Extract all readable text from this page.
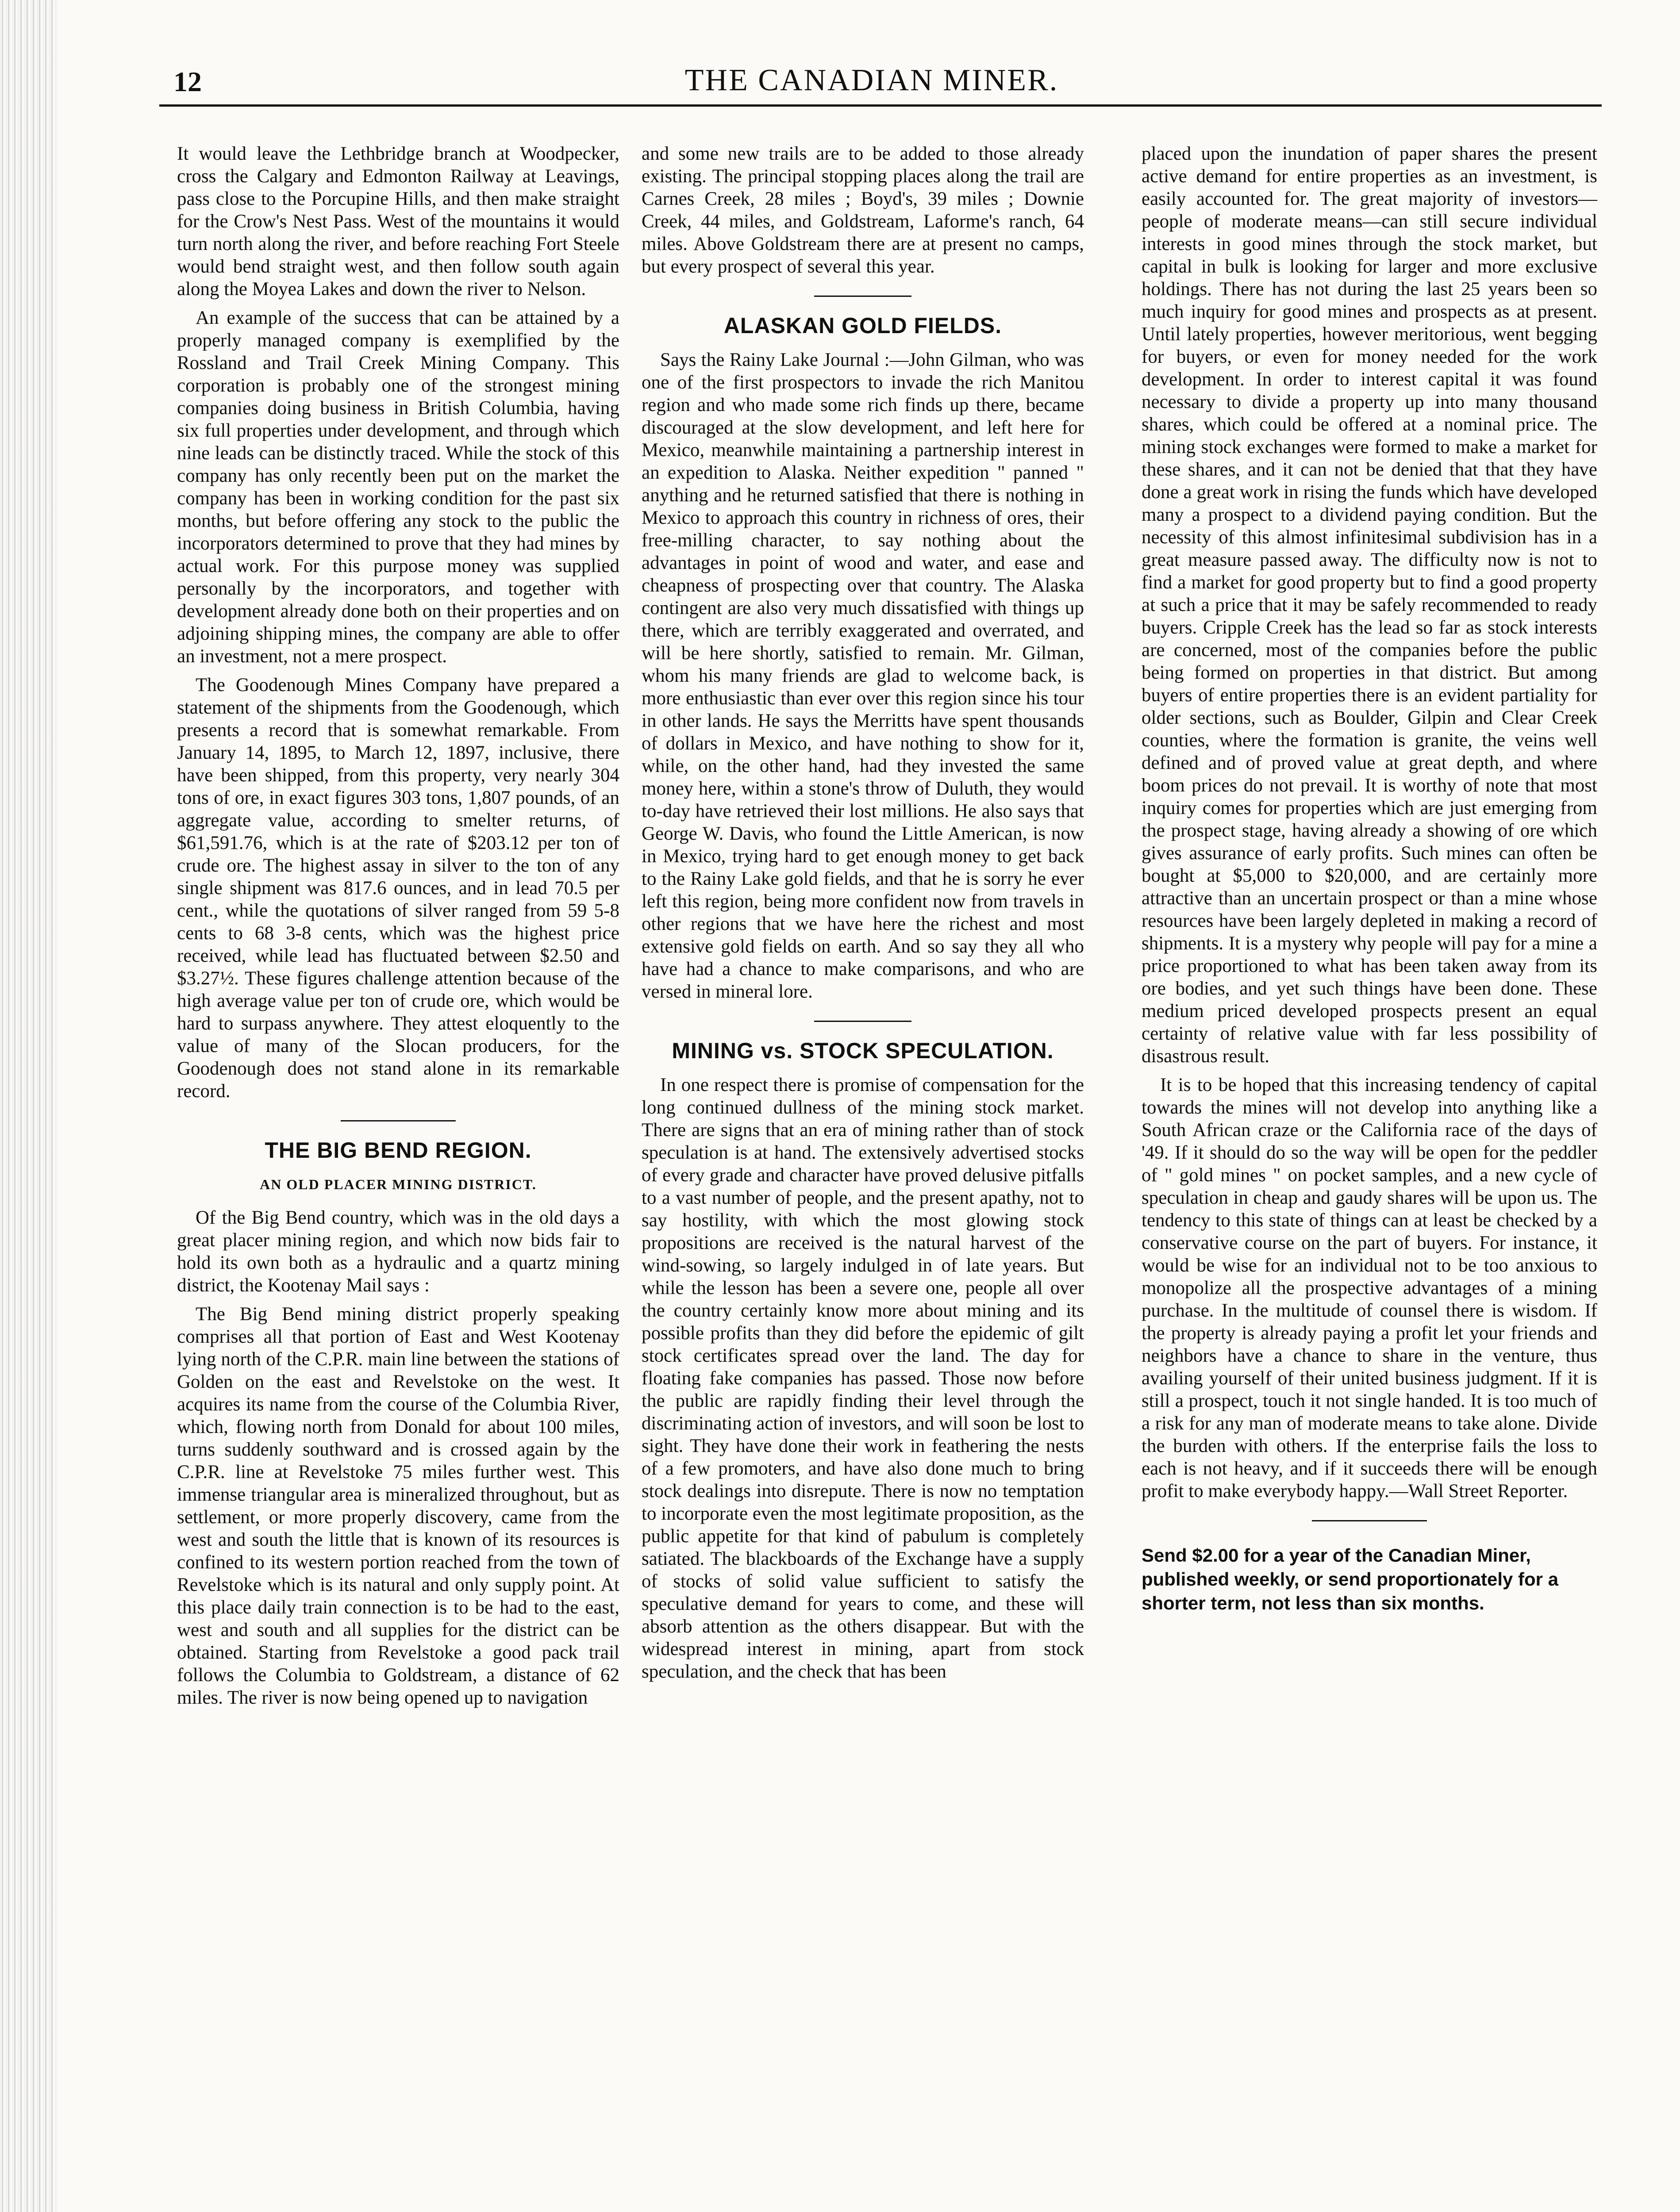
12	THE CANADIAN MINER.

It would leave the Lethbridge branch at Woodpecker, cross the Calgary and Edmonton Railway at Leavings, pass close to the Porcupine Hills, and then make straight for the Crow's Nest Pass. West of the mountains it would turn north along the river, and before reaching Fort Steele would bend straight west, and then follow south again along the Moyea Lakes and down the river to Nelson.

An example of the success that can be attained by a properly managed company is exemplified by the Rossland and Trail Creek Mining Company. This corporation is probably one of the strongest mining companies doing business in British Columbia, having six full properties under development, and through which nine leads can be distinctly traced. While the stock of this company has only recently been put on the market the company has been in working condition for the past six months, but before offering any stock to the public the incorporators determined to prove that they had mines by actual work. For this purpose money was supplied personally by the incorporators, and together with development already done both on their properties and on adjoining shipping mines, the company are able to offer an investment, not a mere prospect.

The Goodenough Mines Company have prepared a statement of the shipments from the Goodenough, which presents a record that is somewhat remarkable. From January 14, 1895, to March 12, 1897, inclusive, there have been shipped, from this property, very nearly 304 tons of ore, in exact figures 303 tons, 1,807 pounds, of an aggregate value, according to smelter returns, of $61,591.76, which is at the rate of $203.12 per ton of crude ore. The highest assay in silver to the ton of any single shipment was 817.6 ounces, and in lead 70.5 per cent., while the quotations of silver ranged from 59 5-8 cents to 68 3-8 cents, which was the highest price received, while lead has fluctuated between $2.50 and $3.27½. These figures challenge attention because of the high average value per ton of crude ore, which would be hard to surpass anywhere. They attest eloquently to the value of many of the Slocan producers, for the Goodenough does not stand alone in its remarkable record.

THE BIG BEND REGION.
AN OLD PLACER MINING DISTRICT.

Of the Big Bend country, which was in the old days a great placer mining region, and which now bids fair to hold its own both as a hydraulic and a quartz mining district, the Kootenay Mail says :

The Big Bend mining district properly speaking comprises all that portion of East and West Kootenay lying north of the C.P.R. main line between the stations of Golden on the east and Revelstoke on the west. It acquires its name from the course of the Columbia River, which, flowing north from Donald for about 100 miles, turns suddenly southward and is crossed again by the C.P.R. line at Revelstoke 75 miles further west. This immense triangular area is mineralized throughout, but as settlement, or more properly discovery, came from the west and south the little that is known of its resources is confined to its western portion reached from the town of Revelstoke which is its natural and only supply point. At this place daily train connection is to be had to the east, west and south and all supplies for the district can be obtained. Starting from Revelstoke a good pack trail follows the Columbia to Goldstream, a distance of 62 miles. The river is now being opened up to navigation

and some new trails are to be added to those already existing. The principal stopping places along the trail are Carnes Creek, 28 miles ; Boyd's, 39 miles ; Downie Creek, 44 miles, and Goldstream, Laforme's ranch, 64 miles. Above Goldstream there are at present no camps, but every prospect of several this year.

ALASKAN GOLD FIELDS.

Says the Rainy Lake Journal :—John Gilman, who was one of the first prospectors to invade the rich Manitou region and who made some rich finds up there, became discouraged at the slow development, and left here for Mexico, meanwhile maintaining a partnership interest in an expedition to Alaska. Neither expedition " panned " anything and he returned satisfied that there is nothing in Mexico to approach this country in richness of ores, their free-milling character, to say nothing about the advantages in point of wood and water, and ease and cheapness of prospecting over that country. The Alaska contingent are also very much dissatisfied with things up there, which are terribly exaggerated and overrated, and will be here shortly, satisfied to remain. Mr. Gilman, whom his many friends are glad to welcome back, is more enthusiastic than ever over this region since his tour in other lands. He says the Merritts have spent thousands of dollars in Mexico, and have nothing to show for it, while, on the other hand, had they invested the same money here, within a stone's throw of Duluth, they would to-day have retrieved their lost millions. He also says that George W. Davis, who found the Little American, is now in Mexico, trying hard to get enough money to get back to the Rainy Lake gold fields, and that he is sorry he ever left this region, being more confident now from travels in other regions that we have here the richest and most extensive gold fields on earth. And so say they all who have had a chance to make comparisons, and who are versed in mineral lore.

MINING vs. STOCK SPECULATION.

In one respect there is promise of compensation for the long continued dullness of the mining stock market. There are signs that an era of mining rather than of stock speculation is at hand. The extensively advertised stocks of every grade and character have proved delusive pitfalls to a vast number of people, and the present apathy, not to say hostility, with which the most glowing stock propositions are received is the natural harvest of the wind-sowing, so largely indulged in of late years. But while the lesson has been a severe one, people all over the country certainly know more about mining and its possible profits than they did before the epidemic of gilt stock certificates spread over the land. The day for floating fake companies has passed. Those now before the public are rapidly finding their level through the discriminating action of investors, and will soon be lost to sight. They have done their work in feathering the nests of a few promoters, and have also done much to bring stock dealings into disrepute. There is now no temptation to incorporate even the most legitimate proposition, as the public appetite for that kind of pabulum is completely satiated. The blackboards of the Exchange have a supply of stocks of solid value sufficient to satisfy the speculative demand for years to come, and these will absorb attention as the others disappear. But with the widespread interest in mining, apart from stock speculation, and the check that has been

placed upon the inundation of paper shares the present active demand for entire properties as an investment, is easily accounted for. The great majority of investors—people of moderate means—can still secure individual interests in good mines through the stock market, but capital in bulk is looking for larger and more exclusive holdings. There has not during the last 25 years been so much inquiry for good mines and prospects as at present. Until lately properties, however meritorious, went begging for buyers, or even for money needed for the work development. In order to interest capital it was found necessary to divide a property up into many thousand shares, which could be offered at a nominal price. The mining stock exchanges were formed to make a market for these shares, and it can not be denied that that they have done a great work in rising the funds which have developed many a prospect to a dividend paying condition. But the necessity of this almost infinitesimal subdivision has in a great measure passed away. The difficulty now is not to find a market for good property but to find a good property at such a price that it may be safely recommended to ready buyers. Cripple Creek has the lead so far as stock interests are concerned, most of the companies before the public being formed on properties in that district. But among buyers of entire properties there is an evident partiality for older sections, such as Boulder, Gilpin and Clear Creek counties, where the formation is granite, the veins well defined and of proved value at great depth, and where boom prices do not prevail. It is worthy of note that most inquiry comes for properties which are just emerging from the prospect stage, having already a showing of ore which gives assurance of early profits. Such mines can often be bought at $5,000 to $20,000, and are certainly more attractive than an uncertain prospect or than a mine whose resources have been largely depleted in making a record of shipments. It is a mystery why people will pay for a mine a price proportioned to what has been taken away from its ore bodies, and yet such things have been done. These medium priced developed prospects present an equal certainty of relative value with far less possibility of disastrous result.

It is to be hoped that this increasing tendency of capital towards the mines will not develop into anything like a South African craze or the California race of the days of '49. If it should do so the way will be open for the peddler of " gold mines " on pocket samples, and a new cycle of speculation in cheap and gaudy shares will be upon us. The tendency to this state of things can at least be checked by a conservative course on the part of buyers. For instance, it would be wise for an individual not to be too anxious to monopolize all the prospective advantages of a mining purchase. In the multitude of counsel there is wisdom. If the property is already paying a profit let your friends and neighbors have a chance to share in the venture, thus availing yourself of their united business judgment. If it is still a prospect, touch it not single handed. It is too much of a risk for any man of moderate means to take alone. Divide the burden with others. If the enterprise fails the loss to each is not heavy, and if it succeeds there will be enough profit to make everybody happy.—Wall Street Reporter.

Send $2.00 for a year of the Canadian Miner, published weekly, or send proportionately for a shorter term, not less than six months.
